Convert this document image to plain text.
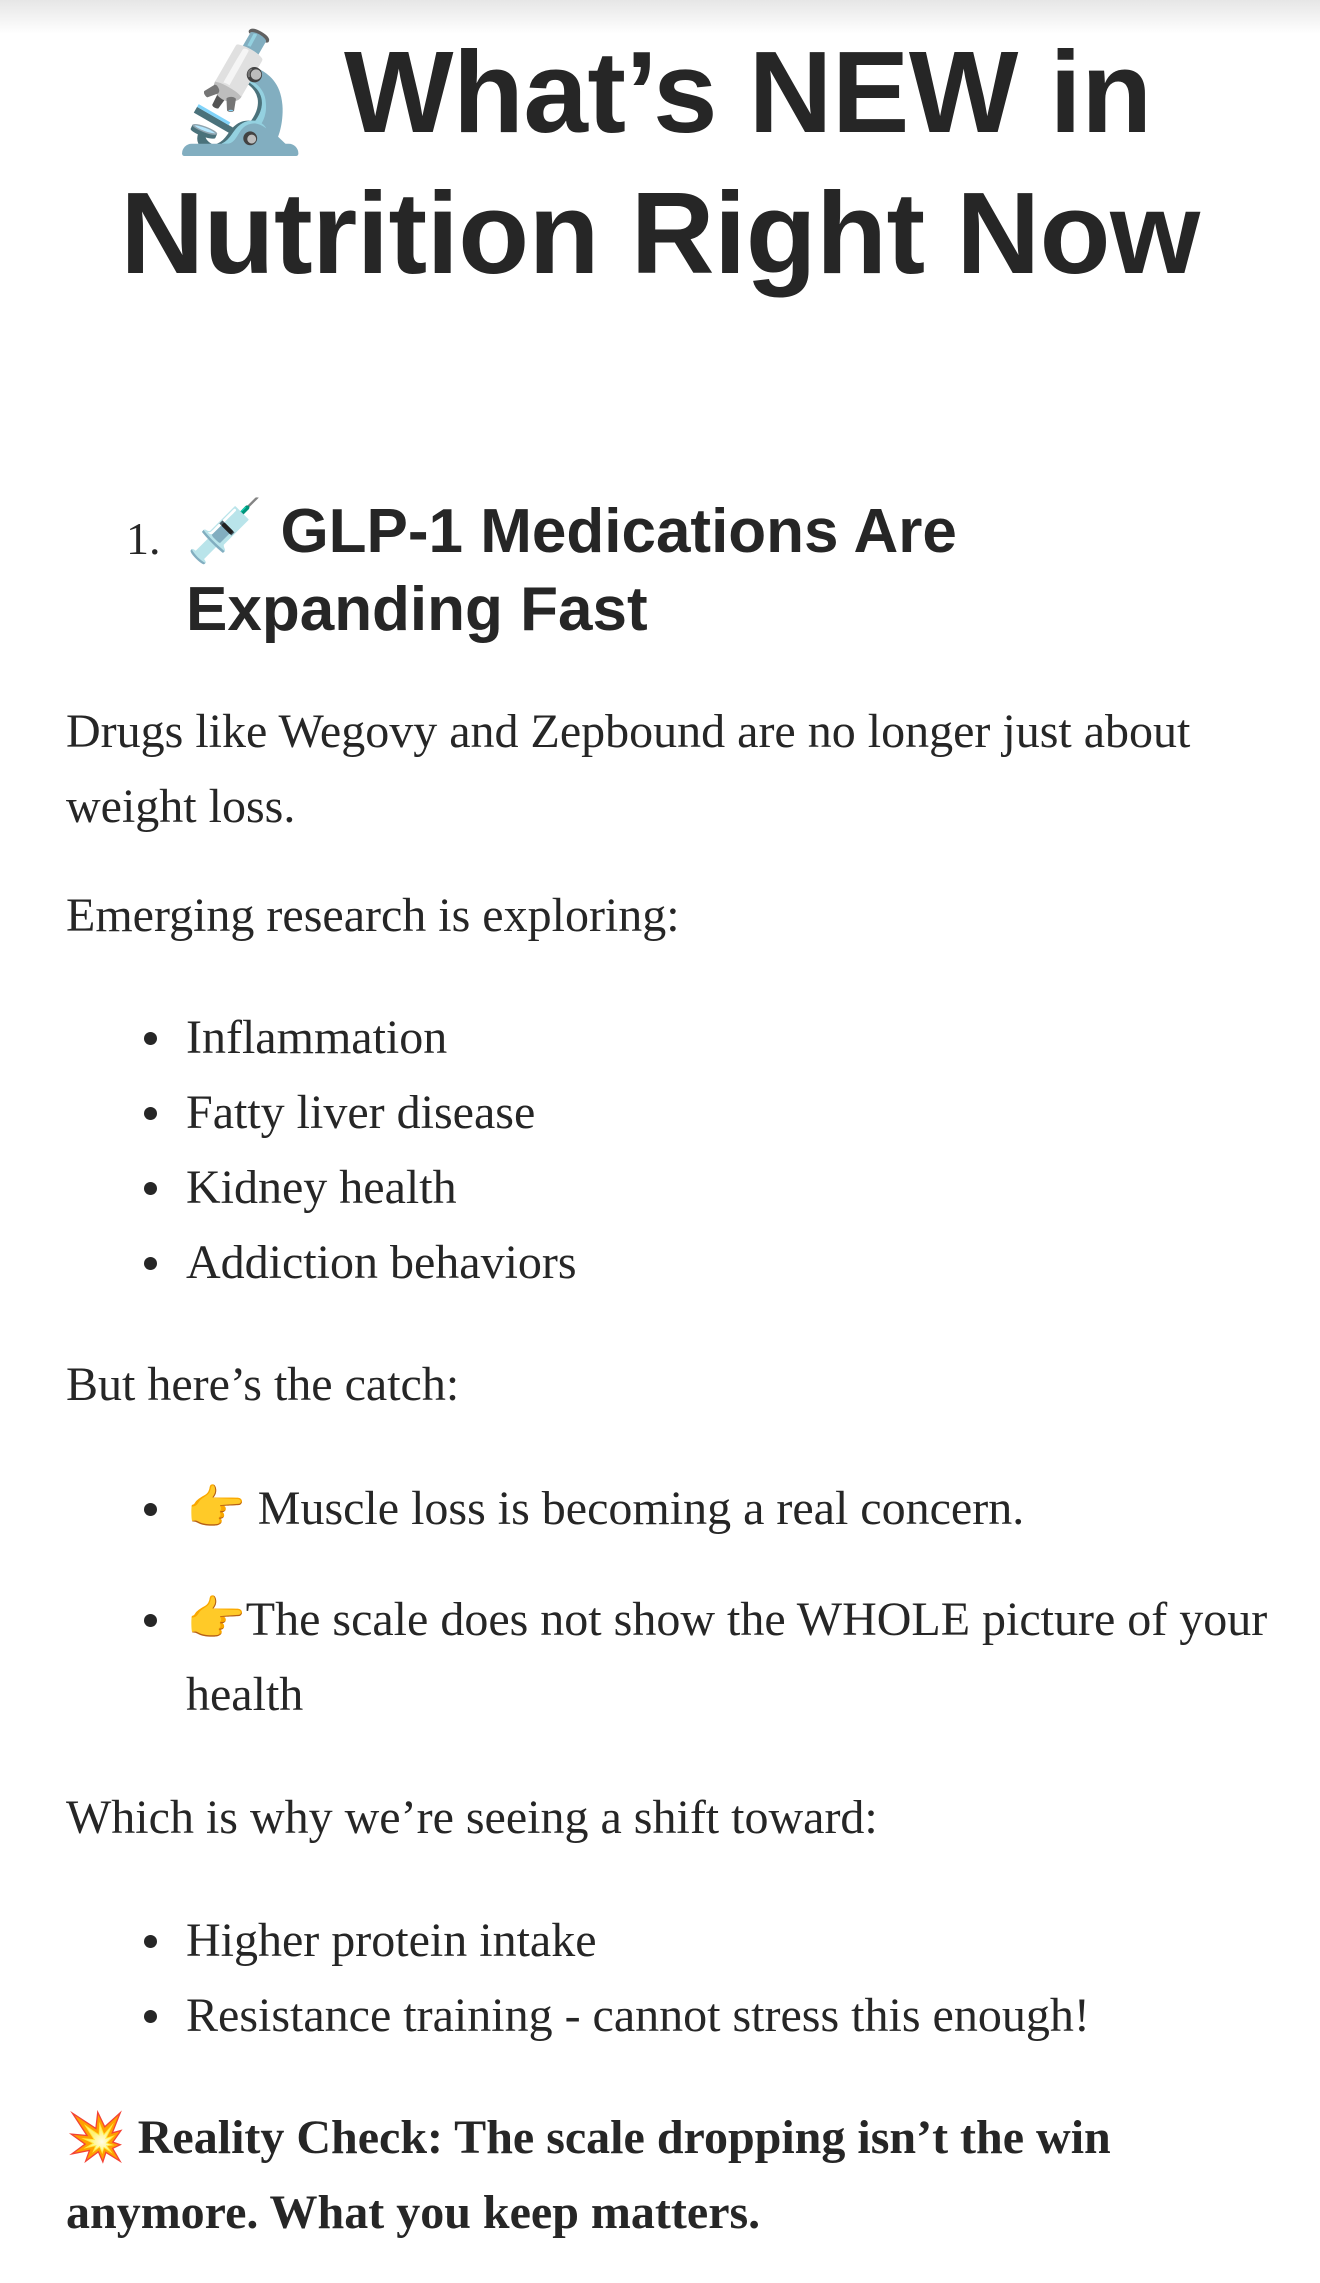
🔬 What’s NEW in
Nutrition Right Now
1. 💉 GLP-1 Medications Are Expanding Fast

Drugs like Wegovy and Zepbound are no longer just about weight loss.

Emerging research is exploring:

Inflammation
Fatty liver disease
Kidney health
Addiction behaviors

But here’s the catch:

👉 Muscle loss is becoming a real concern.
👉The scale does not show the WHOLE picture of your health

Which is why we’re seeing a shift toward:

Higher protein intake
Resistance training - cannot stress this enough!

💥 Reality Check: The scale dropping isn’t the win anymore. What you keep matters.
